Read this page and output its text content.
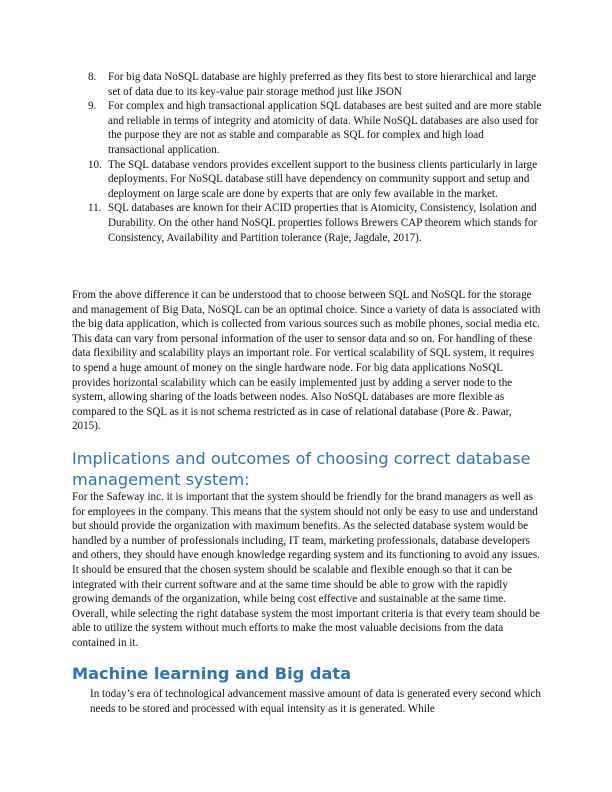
8.	For big data NoSQL database are highly preferred as they fits best to store hierarchical and large set of data due to its key-value pair storage method just like JSON
9.	For complex and high transactional application SQL databases are best suited and are more stable and reliable in terms of integrity and atomicity of data. While NoSQL databases are also used for the purpose they are not as stable and comparable as SQL for complex and high load transactional application.
10. The SQL database vendors provides excellent support to the business clients particularly in large deployments. For NoSQL database still have dependency on community support and setup and deployment on large scale are done by experts that are only few available in the market.
11. SQL databases are known for their ACID properties that is Atomicity, Consistency, Isolation and Durability. On the other hand NoSQL properties follows Brewers CAP theorem which stands for Consistency, Availability and Partition tolerance (Raje, Jagdale, 2017).

From the above difference it can be understood that to choose between SQL and NoSQL for the storage and management of Big Data, NoSQL can be an optimal choice. Since a variety of data is associated with the big data application, which is collected from various sources such as mobile phones, social media etc. This data can vary from personal information of the user to sensor data and so on. For handling of these data flexibility and scalability plays an important role. For vertical scalability of SQL system, it requires to spend a huge amount of money on the single hardware node. For big data applications NoSQL provides horizontal scalability which can be easily implemented just by adding a server node to the system, allowing sharing of the loads between nodes. Also NoSQL databases are more flexible as compared to the SQL as it is not schema restricted as in case of relational database (Pore &. Pawar, 2015).

Implications and outcomes of choosing correct database management system:

For the Safeway inc. it is important that the system should be friendly for the brand managers as well as for employees in the company. This means that the system should not only be easy to use and understand but should provide the organization with maximum benefits. As the selected database system would be handled by a number of professionals including, IT team, marketing professionals, database developers and others, they should have enough knowledge regarding system and its functioning to avoid any issues. It should be ensured that the chosen system should be scalable and flexible enough so that it can be integrated with their current software and at the same time should be able to grow with the rapidly growing demands of the organization, while being cost effective and sustainable at the same time. Overall, while selecting the right database system the most important criteria is that every team should be able to utilize the system without much efforts to make the most valuable decisions from the data contained in it.

Machine learning and Big data

In today’s era of technological advancement massive amount of data is generated every second which needs to be stored and processed with equal intensity as it is generated. While
